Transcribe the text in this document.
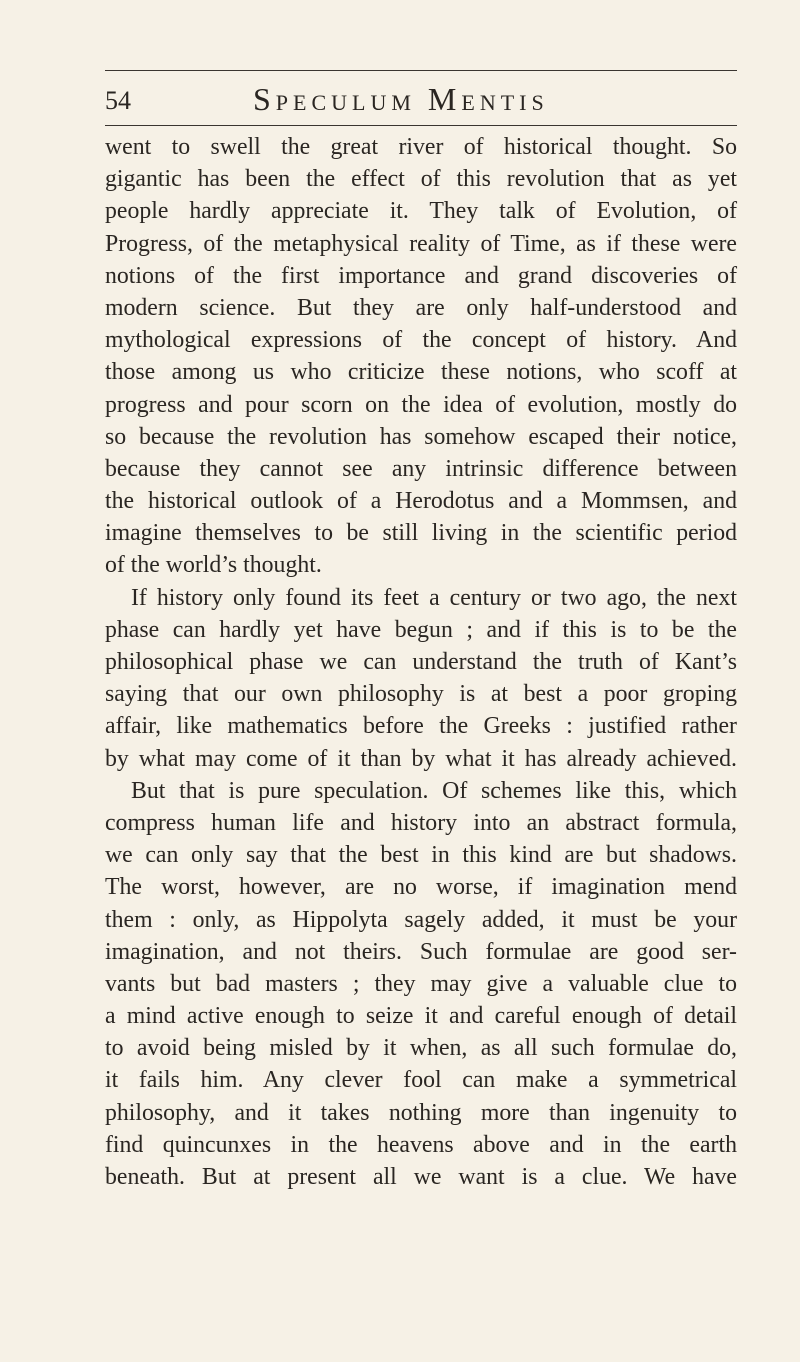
54	Speculum Mentis
went to swell the great river of historical thought. So
gigantic has been the effect of this revolution that as yet
people hardly appreciate it. They talk of Evolution, of
Progress, of the metaphysical reality of Time, as if these were
notions of the first importance and grand discoveries of
modern science. But they are only half-understood and
mythological expressions of the concept of history. And
those among us who criticize these notions, who scoff at
progress and pour scorn on the idea of evolution, mostly do
so because the revolution has somehow escaped their notice,
because they cannot see any intrinsic difference between
the historical outlook of a Herodotus and a Mommsen, and
imagine themselves to be still living in the scientific period
of the world’s thought.
If history only found its feet a century or two ago, the next
phase can hardly yet have begun ; and if this is to be the
philosophical phase we can understand the truth of Kant’s
saying that our own philosophy is at best a poor groping
affair, like mathematics before the Greeks : justified rather
by what may come of it than by what it has already achieved.
But that is pure speculation. Of schemes like this, which
compress human life and history into an abstract formula,
we can only say that the best in this kind are but shadows.
The worst, however, are no worse, if imagination mend
them : only, as Hippolyta sagely added, it must be your
imagination, and not theirs. Such formulae are good ser-
vants but bad masters ; they may give a valuable clue to
a mind active enough to seize it and careful enough of detail
to avoid being misled by it when, as all such formulae do,
it fails him. Any clever fool can make a symmetrical
philosophy, and it takes nothing more than ingenuity to
find quincunxes in the heavens above and in the earth
beneath. But at present all we want is a clue. We have
